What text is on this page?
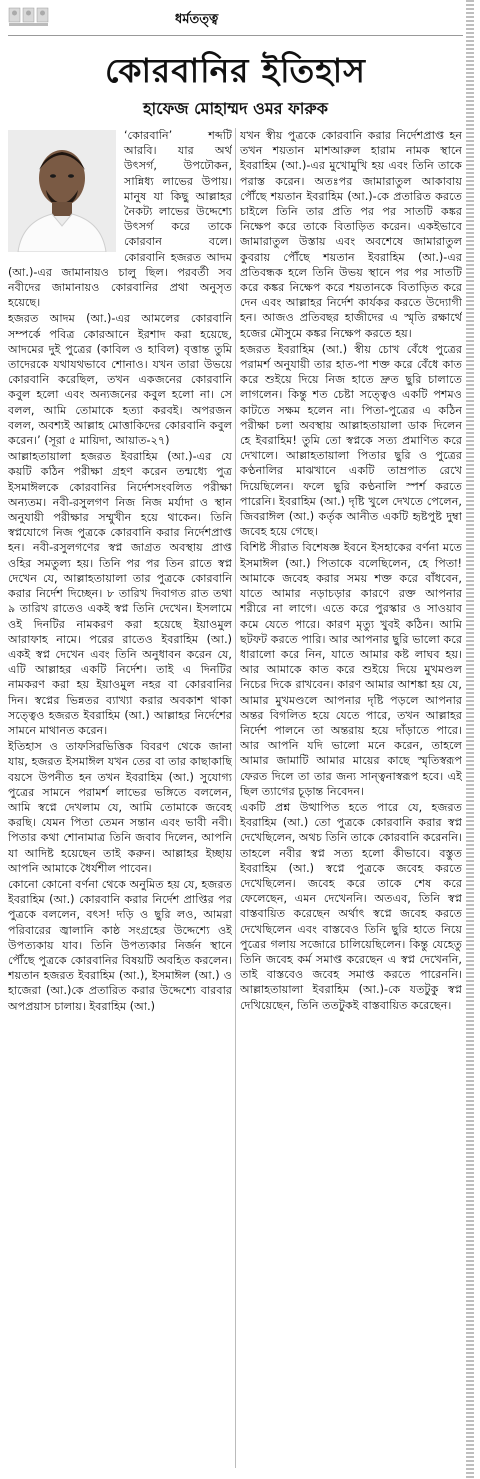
ধর্মতত্ত্ব
কোরবানির ইতিহাস
হাফেজ মোহাম্মদ ওমর ফারুক

‘কোরবানি’ শব্দটি আরবি। যার অর্থ উৎসর্গ, উপঢৌকন, সান্নিধ্য লাভের উপায়। মানুষ যা কিছু আল্লাহর নৈকট্য লাভের উদ্দেশ্যে উৎসর্গ করে তাকে কোরবান বলে। কোরবানি হজরত আদম (আ.)-এর জামানায়ও চালু ছিল। পরবর্তী সব নবীদের জামানায়ও কোরবানির প্রথা অনুসৃত হয়েছে।

হজরত আদম (আ.)-এর আমলের কোরবানি সম্পর্কে পবিত্র কোরআনে ইরশাদ করা হয়েছে, আদমের দুই পুত্রের (কাবিল ও হাবিল) বৃত্তান্ত তুমি তাদেরকে যথাযথভাবে শোনাও। যখন তারা উভয়ে কোরবানি করেছিল, তখন একজনের কোরবানি কবুল হলো এবং অন্যজনের কবুল হলো না। সে বলল, আমি তোমাকে হত্যা করবই। অপরজন বলল, অবশ্যই আল্লাহ মোত্তাকিদের কোরবানি কবুল করেন।’ (সূরা ৫ মায়িদা, আয়াত-২৭)

আল্লাহতায়ালা হজরত ইবরাহিম (আ.)-এর যে কয়টি কঠিন পরীক্ষা গ্রহণ করেন তন্মধ্যে পুত্র ইসমাঈলকে কোরবানির নির্দেশসংবলিত পরীক্ষা অন্যতম। নবী-রসুলগণ নিজ নিজ মর্যাদা ও স্থান অনুযায়ী পরীক্ষার সম্মুখীন হয়ে থাকেন। তিনি স্বপ্নযোগে নিজ পুত্রকে কোরবানি করার নির্দেশপ্রাপ্ত হন। নবী-রসুলগণের স্বপ্ন জাগ্রত অবস্থায় প্রাপ্ত ওহির সমতুল্য হয়। তিনি পর পর তিন রাতে স্বপ্ন দেখেন যে, আল্লাহতায়ালা তার পুত্রকে কোরবানি করার নির্দেশ দিচ্ছেন। ৮ তারিখ দিবাগত রাত তথা ৯ তারিখ রাতেও একই স্বপ্ন তিনি দেখেন। ইসলামে ওই দিনটির নামকরণ করা হয়েছে ইয়াওমুল আরাফাহ নামে। পরের রাতেও ইবরাহিম (আ.) একই স্বপ্ন দেখেন এবং তিনি অনুধাবন করেন যে, এটি আল্লাহর একটি নির্দেশ। তাই এ দিনটির নামকরণ করা হয় ইয়াওমুল নহর বা কোরবানির দিন। স্বপ্নের ভিন্নতর ব্যাখ্যা করার অবকাশ থাকা সত্ত্বেও হজরত ইবরাহিম (আ.) আল্লাহর নির্দেশের সামনে মাথানত করেন।

ইতিহাস ও তাফসিরভিত্তিক বিবরণ থেকে জানা যায়, হজরত ইসমাঈল যখন তের বা তার কাছাকাছি বয়সে উপনীত হন তখন ইবরাহিম (আ.) সুযোগ্য পুত্রের সামনে পরামর্শ লাভের ভঙ্গিতে বললেন, আমি স্বপ্নে দেখলাম যে, আমি তোমাকে জবেহ করছি। যেমন পিতা তেমন সন্তান এবং ভাবী নবী। পিতার কথা শোনামাত্র তিনি জবাব দিলেন, আপনি যা আদিষ্ট হয়েছেন তাই করুন। আল্লাহর ইচ্ছায় আপনি আমাকে ধৈর্যশীল পাবেন।

কোনো কোনো বর্ণনা থেকে অনুমিত হয় যে, হজরত ইবরাহিম (আ.) কোরবানি করার নির্দেশ প্রাপ্তির পর পুত্রকে বললেন, বৎস! দড়ি ও ছুরি লও, আমরা পরিবারের জ্বালানি কাষ্ঠ সংগ্রহের উদ্দেশ্যে ওই উপত্যকায় যাব। তিনি উপত্যকার নির্জন স্থানে পৌঁছে পুত্রকে কোরবানির বিষয়টি অবহিত করলেন। শয়তান হজরত ইবরাহিম (আ.), ইসমাঈল (আ.) ও হাজেরা (আ.)কে প্রতারিত করার উদ্দেশ্যে বারবার অপপ্রয়াস চালায়। ইবরাহিম (আ.)

যখন স্বীয় পুত্রকে কোরবানি করার নির্দেশপ্রাপ্ত হন তখন শয়তান মাশআরুল হারাম নামক স্থানে ইবরাহিম (আ.)-এর মুখোমুখি হয় এবং তিনি তাকে পরাস্ত করেন। অতঃপর জামারাতুল আকাবায় পৌঁছে শয়তান ইবরাহিম (আ.)-কে প্রতারিত করতে চাইলে তিনি তার প্রতি পর পর সাতটি কঙ্কর নিক্ষেপ করে তাকে বিতাড়িত করেন। একইভাবে জামারাতুল উস্তায় এবং অবশেষে জামারাতুল কুবরায় পৌঁছে শয়তান ইবরাহিম (আ.)-এর প্রতিবন্ধক হলে তিনি উভয় স্থানে পর পর সাতটি করে কঙ্কর নিক্ষেপ করে শয়তানকে বিতাড়িত করে দেন এবং আল্লাহর নির্দেশ কার্যকর করতে উদ্যোগী হন। আজও প্রতিবছর হাজীদের এ স্মৃতি রক্ষার্থে হজের মৌসুমে কঙ্কর নিক্ষেপ করতে হয়।

হজরত ইবরাহিম (আ.) স্বীয় চোখ বেঁধে পুত্রের পরামর্শ অনুযায়ী তার হাত-পা শক্ত করে বেঁধে কাত করে শুইয়ে দিয়ে নিজ হাতে দ্রুত ছুরি চালাতে লাগলেন। কিন্তু শত চেষ্টা সত্ত্বেও একটি পশমও কাটতে সক্ষম হলেন না। পিতা-পুত্রের এ কঠিন পরীক্ষা চলা অবস্থায় আল্লাহতায়ালা ডাক দিলেন হে ইবরাহিম! তুমি তো স্বপ্নকে সত্য প্রমাণিত করে দেখালে। আল্লাহতায়ালা পিতার ছুরি ও পুত্রের কণ্ঠনালির মাঝখানে একটি তাম্রপাত রেখে দিয়েছিলেন। ফলে ছুরি কণ্ঠনালি স্পর্শ করতে পারেনি। ইবরাহিম (আ.) দৃষ্টি খুলে দেখতে পেলেন, জিবরাঈল (আ.) কর্তৃক আনীত একটি হৃষ্টপুষ্ট দুম্বা জবেহ হয়ে গেছে।

বিশিষ্ট সীরাত বিশেষজ্ঞ ইবনে ইসহাকের বর্ণনা মতে ইসমাঈল (আ.) পিতাকে বলেছিলেন, হে পিতা! আমাকে জবেহ করার সময় শক্ত করে বাঁধবেন, যাতে আমার নড়াচড়ার কারণে রক্ত আপনার শরীরে না লাগে। এতে করে পুরস্কার ও সাওয়াব কমে যেতে পারে। কারণ মৃত্যু খুবই কঠিন। আমি ছটফট করতে পারি। আর আপনার ছুরি ভালো করে ধারালো করে নিন, যাতে আমার কষ্ট লাঘব হয়। আর আমাকে কাত করে শুইয়ে দিয়ে মুখমণ্ডল নিচের দিকে রাখবেন। কারণ আমার আশঙ্কা হয় যে, আমার মুখমণ্ডলে আপনার দৃষ্টি পড়লে আপনার অন্তর বিগলিত হয়ে যেতে পারে, তখন আল্লাহর নির্দেশ পালনে তা অন্তরায় হয়ে দাঁড়াতে পারে। আর আপনি যদি ভালো মনে করেন, তাহলে আমার জামাটি আমার মায়ের কাছে স্মৃতিস্বরূপ ফেরত দিলে তা তার জন্য সান্ত্বনাস্বরূপ হবে। এই ছিল ত্যাগের চূড়ান্ত নিবেদন।

একটি প্রশ্ন উত্থাপিত হতে পারে যে, হজরত ইবরাহিম (আ.) তো পুত্রকে কোরবানি করার স্বপ্ন দেখেছিলেন, অথচ তিনি তাকে কোরবানি করেননি। তাহলে নবীর স্বপ্ন সত্য হলো কীভাবে। বস্তুত ইবরাহিম (আ.) স্বপ্নে পুত্রকে জবেহ করতে দেখেছিলেন। জবেহ করে তাকে শেষ করে ফেলেছেন, এমন দেখেননি। অতএব, তিনি স্বপ্ন বাস্তবায়িত করেছেন অর্থাৎ স্বপ্নে জবেহ করতে দেখেছিলেন এবং বাস্তবেও তিনি ছুরি হাতে নিয়ে পুত্রের গলায় সজোরে চালিয়েছিলেন। কিন্তু যেহেতু তিনি জবেহ কর্ম সমাপ্ত করেছেন এ স্বপ্ন দেখেননি, তাই বাস্তবেও জবেহ সমাপ্ত করতে পারেননি। আল্লাহতায়ালা ইবরাহিম (আ.)-কে যতটুকু স্বপ্ন দেখিয়েছেন, তিনি ততটুকই বাস্তবায়িত করেছেন।
